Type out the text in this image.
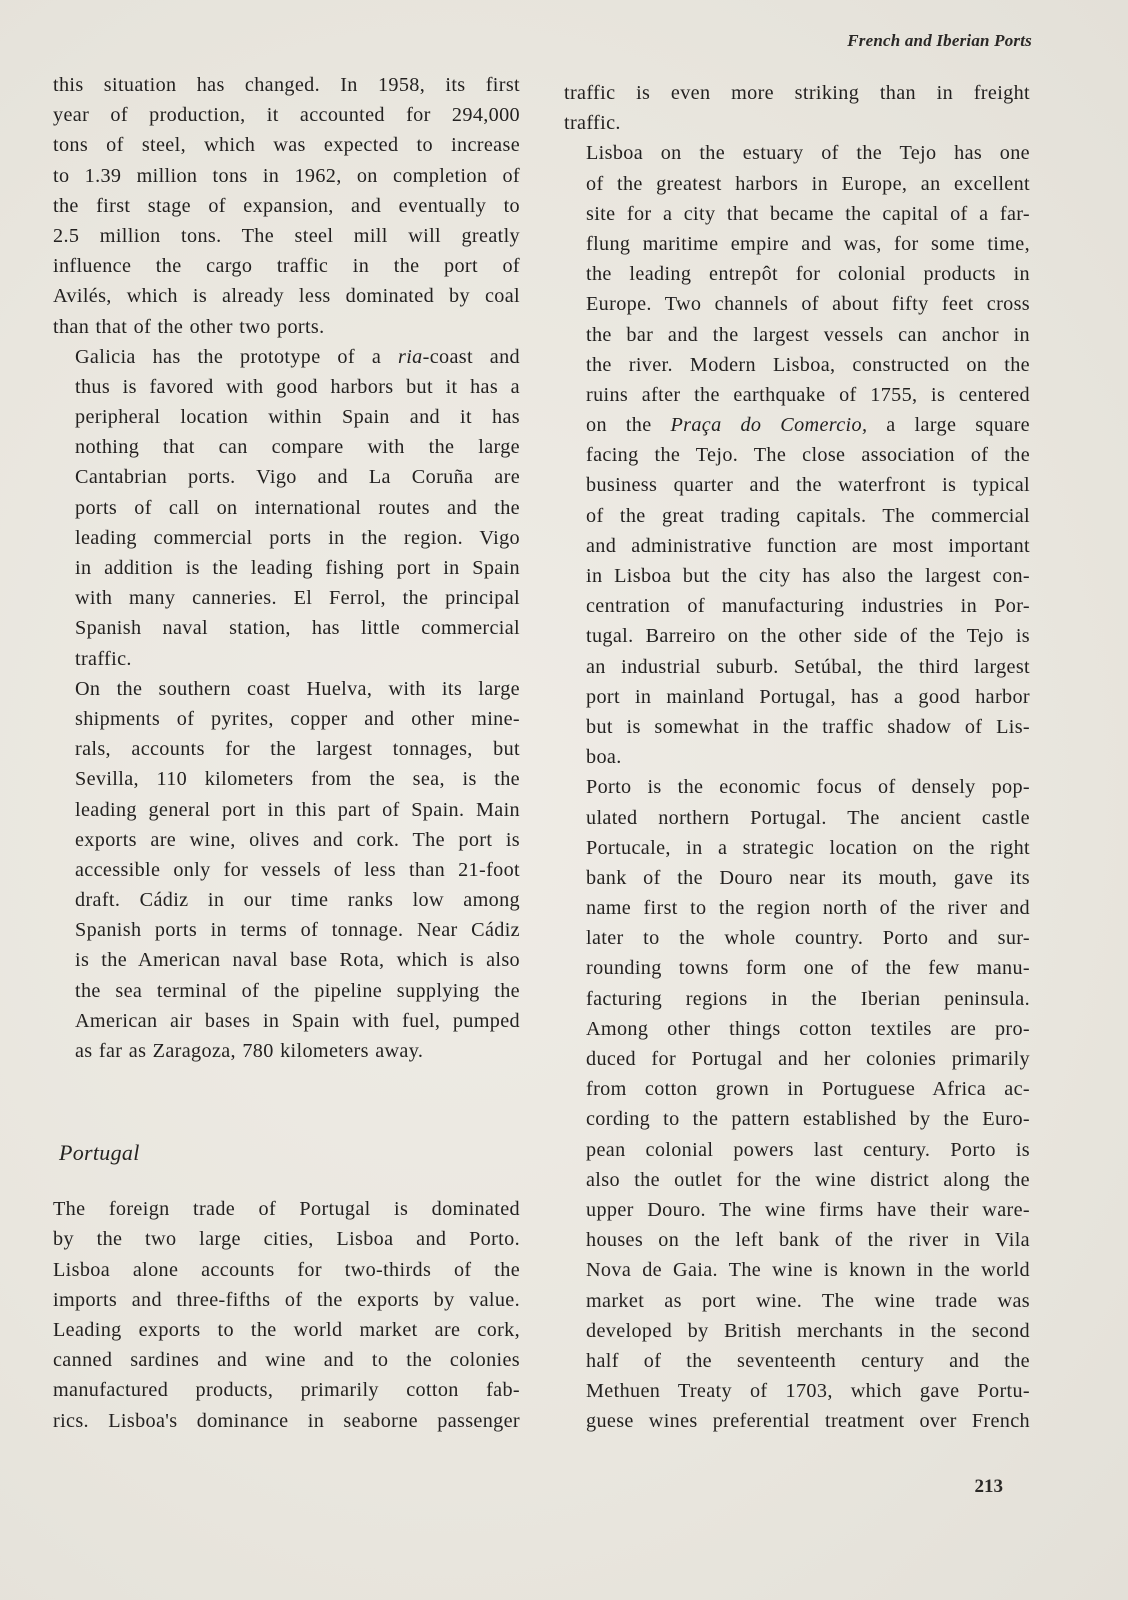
French and Iberian Ports
this situation has changed. In 1958, its first
year of production, it accounted for 294,000
tons of steel, which was expected to increase
to 1.39 million tons in 1962, on completion of
the first stage of expansion, and eventually to
2.5 million tons. The steel mill will greatly
influence the cargo traffic in the port of
Avilés, which is already less dominated by coal
than that of the other two ports.
Galicia has the prototype of a ria-coast and
thus is favored with good harbors but it has a
peripheral location within Spain and it has
nothing that can compare with the large
Cantabrian ports. Vigo and La Coruña are
ports of call on international routes and the
leading commercial ports in the region. Vigo
in addition is the leading fishing port in Spain
with many canneries. El Ferrol, the principal
Spanish naval station, has little commercial
traffic.
On the southern coast Huelva, with its large
shipments of pyrites, copper and other mine-
rals, accounts for the largest tonnages, but
Sevilla, 110 kilometers from the sea, is the
leading general port in this part of Spain. Main
exports are wine, olives and cork. The port is
accessible only for vessels of less than 21-foot
draft. Cádiz in our time ranks low among
Spanish ports in terms of tonnage. Near Cádiz
is the American naval base Rota, which is also
the sea terminal of the pipeline supplying the
American air bases in Spain with fuel, pumped
as far as Zaragoza, 780 kilometers away.
Portugal
The foreign trade of Portugal is dominated
by the two large cities, Lisboa and Porto.
Lisboa alone accounts for two-thirds of the
imports and three-fifths of the exports by value.
Leading exports to the world market are cork,
canned sardines and wine and to the colonies
manufactured products, primarily cotton fab-
rics. Lisboa's dominance in seaborne passenger
traffic is even more striking than in freight
traffic.
Lisboa on the estuary of the Tejo has one
of the greatest harbors in Europe, an excellent
site for a city that became the capital of a far-
flung maritime empire and was, for some time,
the leading entrepôt for colonial products in
Europe. Two channels of about fifty feet cross
the bar and the largest vessels can anchor in
the river. Modern Lisboa, constructed on the
ruins after the earthquake of 1755, is centered
on the Praça do Comercio, a large square
facing the Tejo. The close association of the
business quarter and the waterfront is typical
of the great trading capitals. The commercial
and administrative function are most important
in Lisboa but the city has also the largest con-
centration of manufacturing industries in Por-
tugal. Barreiro on the other side of the Tejo is
an industrial suburb. Setúbal, the third largest
port in mainland Portugal, has a good harbor
but is somewhat in the traffic shadow of Lis-
boa.
Porto is the economic focus of densely pop-
ulated northern Portugal. The ancient castle
Portucale, in a strategic location on the right
bank of the Douro near its mouth, gave its
name first to the region north of the river and
later to the whole country. Porto and sur-
rounding towns form one of the few manu-
facturing regions in the Iberian peninsula.
Among other things cotton textiles are pro-
duced for Portugal and her colonies primarily
from cotton grown in Portuguese Africa ac-
cording to the pattern established by the Euro-
pean colonial powers last century. Porto is
also the outlet for the wine district along the
upper Douro. The wine firms have their ware-
houses on the left bank of the river in Vila
Nova de Gaia. The wine is known in the world
market as port wine. The wine trade was
developed by British merchants in the second
half of the seventeenth century and the
Methuen Treaty of 1703, which gave Portu-
guese wines preferential treatment over French
213
